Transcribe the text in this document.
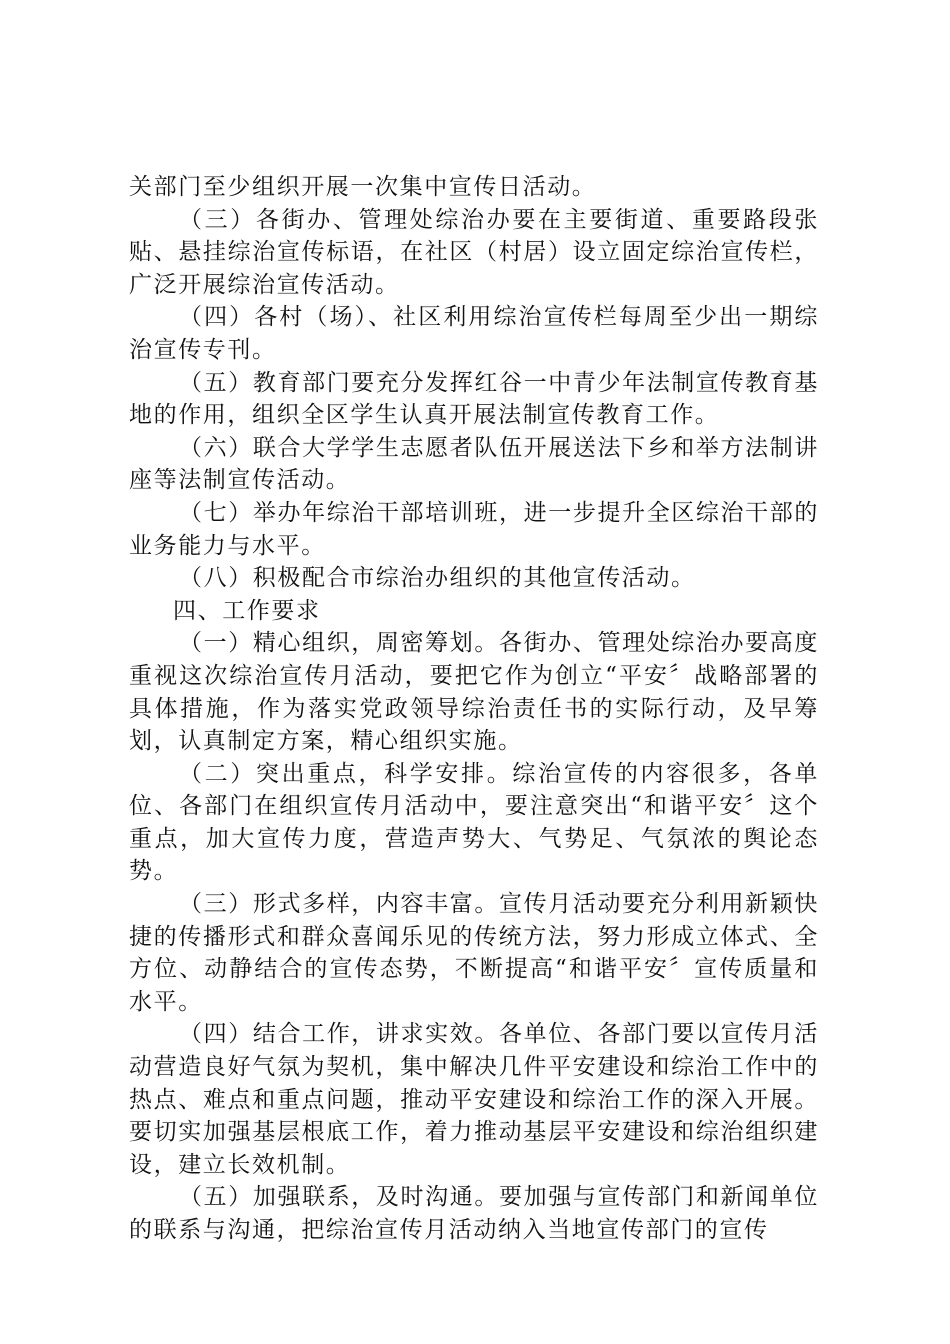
关部门至少组织开展一次集中宣传日活动。

（三）各街办、管理处综治办要在主要街道、重要路段张贴、悬挂综治宣传标语，在社区（村居）设立固定综治宣传栏，广泛开展综治宣传活动。

（四）各村（场）、社区利用综治宣传栏每周至少出一期综治宣传专刊。

（五）教育部门要充分发挥红谷一中青少年法制宣传教育基地的作用，组织全区学生认真开展法制宣传教育工作。

（六）联合大学学生志愿者队伍开展送法下乡和举方法制讲座等法制宣传活动。

（七）举办年综治干部培训班，进一步提升全区综治干部的业务能力与水平。

（八）积极配合市综治办组织的其他宣传活动。

四、工作要求

（一）精心组织，周密筹划。各街办、管理处综治办要高度重视这次综治宣传月活动，要把它作为创立“平安〞战略部署的具体措施，作为落实党政领导综治责任书的实际行动，及早筹划，认真制定方案，精心组织实施。

（二）突出重点，科学安排。综治宣传的内容很多，各单位、各部门在组织宣传月活动中，要注意突出“和谐平安〞这个重点，加大宣传力度，营造声势大、气势足、气氛浓的舆论态势。

（三）形式多样，内容丰富。宣传月活动要充分利用新颖快捷的传播形式和群众喜闻乐见的传统方法，努力形成立体式、全方位、动静结合的宣传态势，不断提高“和谐平安〞宣传质量和水平。

（四）结合工作，讲求实效。各单位、各部门要以宣传月活动营造良好气氛为契机，集中解决几件平安建设和综治工作中的热点、难点和重点问题，推动平安建设和综治工作的深入开展。要切实加强基层根底工作，着力推动基层平安建设和综治组织建设，建立长效机制。

（五）加强联系，及时沟通。要加强与宣传部门和新闻单位的联系与沟通，把综治宣传月活动纳入当地宣传部门的宣传
